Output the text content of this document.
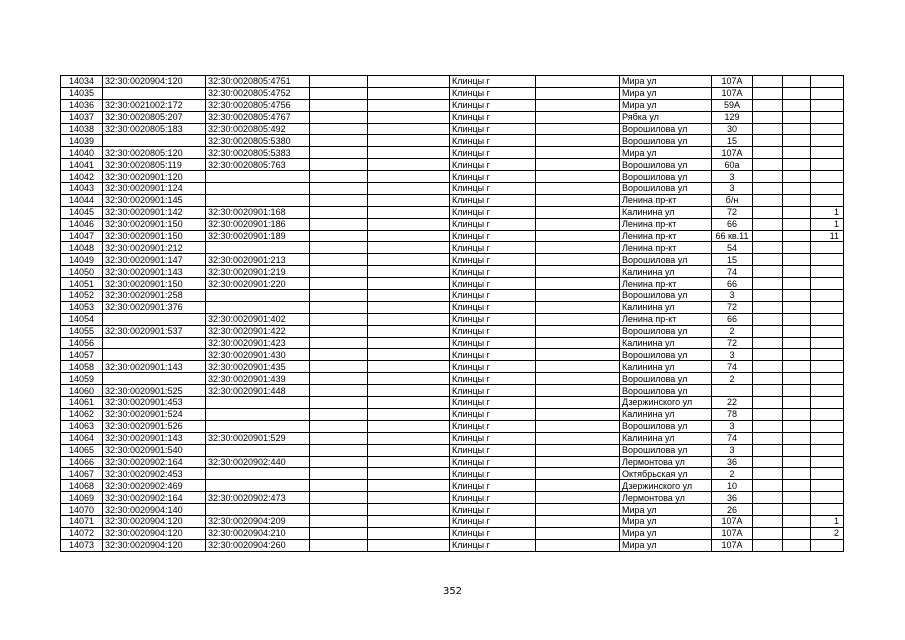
14034	32:30:0020904:120	32:30:0020805:4751			Клинцы г		Мира ул	107А			
14035		32:30:0020805:4752			Клинцы г		Мира ул	107А			
14036	32:30:0021002:172	32:30:0020805:4756			Клинцы г		Мира ул	59А			
14037	32:30:0020805:207	32:30:0020805:4767			Клинцы г		Рябка ул	129			
14038	32:30:0020805:183	32:30:0020805:492			Клинцы г		Ворошилова ул	30			
14039		32:30:0020805:5380			Клинцы г		Ворошилова ул	15			
14040	32:30:0020805:120	32:30:0020805:5383			Клинцы г		Мира ул	107А			
14041	32:30:0020805:119	32:30:0020805:763			Клинцы г		Ворошилова ул	60а			
14042	32:30:0020901:120				Клинцы г		Ворошилова ул	3			
14043	32:30:0020901:124				Клинцы г		Ворошилова ул	3			
14044	32:30:0020901:145				Клинцы г		Ленина пр-кт	б/н			
14045	32:30:0020901:142	32:30:0020901:168			Клинцы г		Калинина ул	72			1
14046	32:30:0020901:150	32:30:0020901:186			Клинцы г		Ленина пр-кт	66			1
14047	32:30:0020901:150	32:30:0020901:189			Клинцы г		Ленина пр-кт	66 кв.11			11
14048	32:30:0020901:212				Клинцы г		Ленина пр-кт	54			
14049	32:30:0020901:147	32:30:0020901:213			Клинцы г		Ворошилова ул	15			
14050	32:30:0020901:143	32:30:0020901:219			Клинцы г		Калинина ул	74			
14051	32:30:0020901:150	32:30:0020901:220			Клинцы г		Ленина пр-кт	66			
14052	32:30:0020901:258				Клинцы г		Ворошилова ул	3			
14053	32:30:0020901:376				Клинцы г		Калинина ул	72			
14054		32:30:0020901:402			Клинцы г		Ленина пр-кт	66			
14055	32:30:0020901:537	32:30:0020901:422			Клинцы г		Ворошилова ул	2			
14056		32:30:0020901:423			Клинцы г		Калинина ул	72			
14057		32:30:0020901:430			Клинцы г		Ворошилова ул	3			
14058	32:30:0020901:143	32:30:0020901:435			Клинцы г		Калинина ул	74			
14059		32:30:0020901:439			Клинцы г		Ворошилова ул	2			
14060	32:30:0020901:525	32:30:0020901:448			Клинцы г		Ворошилова ул				
14061	32:30:0020901:453				Клинцы г		Дзержинского ул	22			
14062	32:30:0020901:524				Клинцы г		Калинина ул	78			
14063	32:30:0020901:526				Клинцы г		Ворошилова ул	3			
14064	32:30:0020901:143	32:30:0020901:529			Клинцы г		Калинина ул	74			
14065	32:30:0020901:540				Клинцы г		Ворошилова ул	3			
14066	32:30:0020902:164	32:30:0020902:440			Клинцы г		Лермонтова ул	36			
14067	32:30:0020902:453				Клинцы г		Октябрьская ул	2			
14068	32:30:0020902:469				Клинцы г		Дзержинского ул	10			
14069	32:30:0020902:164	32:30:0020902:473			Клинцы г		Лермонтова ул	36			
14070	32:30:0020904:140				Клинцы г		Мира ул	26			
14071	32:30:0020904:120	32:30:0020904:209			Клинцы г		Мира ул	107А			1
14072	32:30:0020904:120	32:30:0020904:210			Клинцы г		Мира ул	107А			2
14073	32:30:0020904:120	32:30:0020904:260			Клинцы г		Мира ул	107А			
352
